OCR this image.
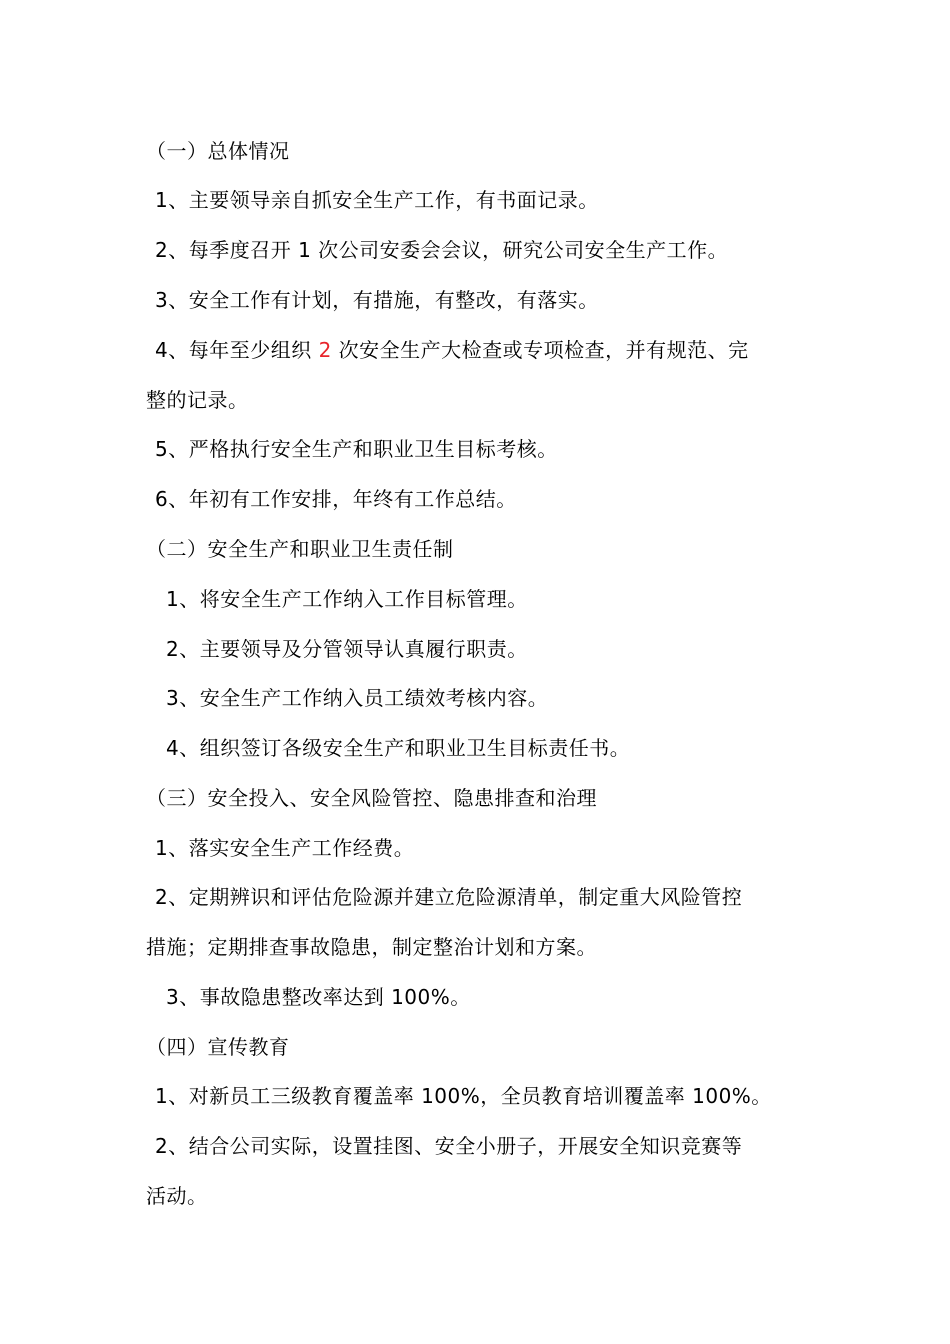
（一）总体情况
1、主要领导亲自抓安全生产工作，有书面记录。
2、每季度召开 1 次公司安委会会议，研究公司安全生产工作。
3、安全工作有计划，有措施，有整改，有落实。
4、每年至少组织 2 次安全生产大检查或专项检查，并有规范、完
整的记录。
5、严格执行安全生产和职业卫生目标考核。
6、年初有工作安排，年终有工作总结。
（二）安全生产和职业卫生责任制
1、将安全生产工作纳入工作目标管理。
2、主要领导及分管领导认真履行职责。
3、安全生产工作纳入员工绩效考核内容。
4、组织签订各级安全生产和职业卫生目标责任书。
（三）安全投入、安全风险管控、隐患排查和治理
1、落实安全生产工作经费。
2、定期辨识和评估危险源并建立危险源清单，制定重大风险管控
措施；定期排查事故隐患，制定整治计划和方案。
3、事故隐患整改率达到 100%。
（四）宣传教育
1、对新员工三级教育覆盖率 100%，全员教育培训覆盖率 100%。
2、结合公司实际，设置挂图、安全小册子，开展安全知识竞赛等
活动。
